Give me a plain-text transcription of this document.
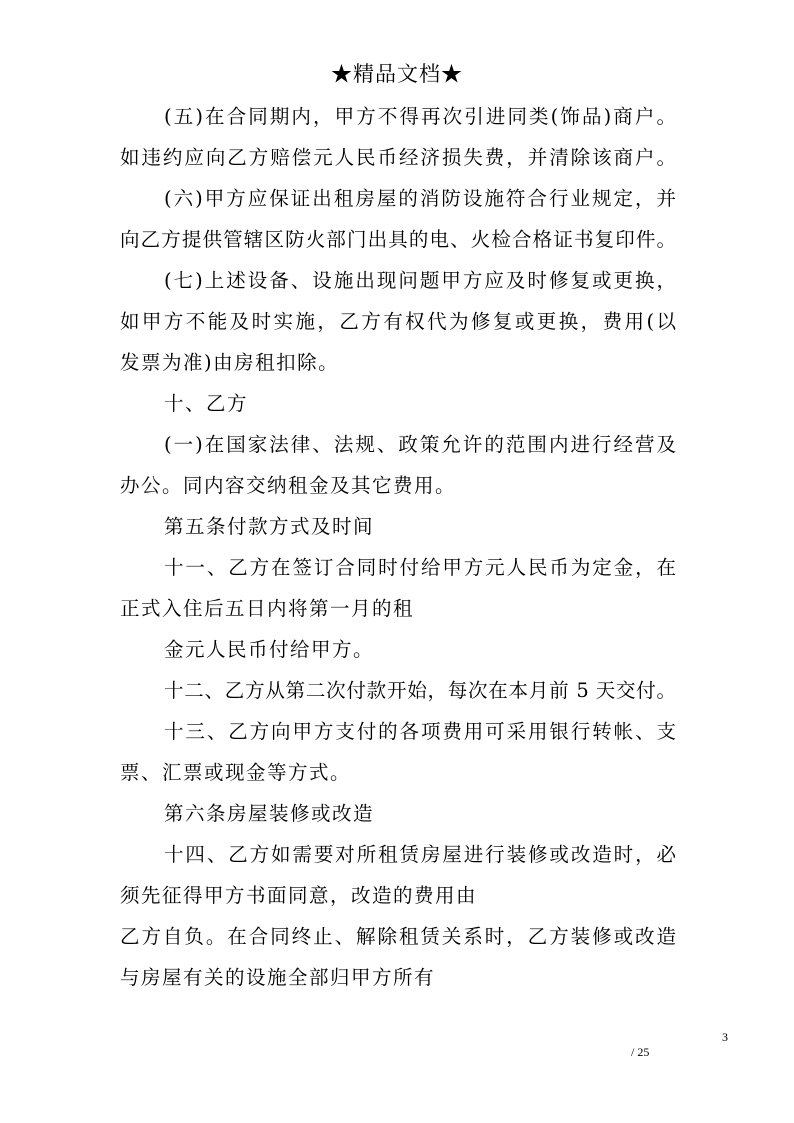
★精品文档★
(五)在合同期内，甲方不得再次引进同类(饰品)商户。
如违约应向乙方赔偿元人民币经济损失费，并清除该商户。
(六)甲方应保证出租房屋的消防设施符合行业规定，并
向乙方提供管辖区防火部门出具的电、火检合格证书复印件。
(七)上述设备、设施出现问题甲方应及时修复或更换，
如甲方不能及时实施，乙方有权代为修复或更换，费用(以
发票为准)由房租扣除。
十、乙方
(一)在国家法律、法规、政策允许的范围内进行经营及
办公。同内容交纳租金及其它费用。
第五条付款方式及时间
十一、乙方在签订合同时付给甲方元人民币为定金，在
正式入住后五日内将第一月的租
金元人民币付给甲方。
十二、乙方从第二次付款开始，每次在本月前 5 天交付。
十三、乙方向甲方支付的各项费用可采用银行转帐、支
票、汇票或现金等方式。
第六条房屋装修或改造
十四、乙方如需要对所租赁房屋进行装修或改造时，必
须先征得甲方书面同意，改造的费用由
乙方自负。在合同终止、解除租赁关系时，乙方装修或改造
与房屋有关的设施全部归甲方所有
3
/ 25
